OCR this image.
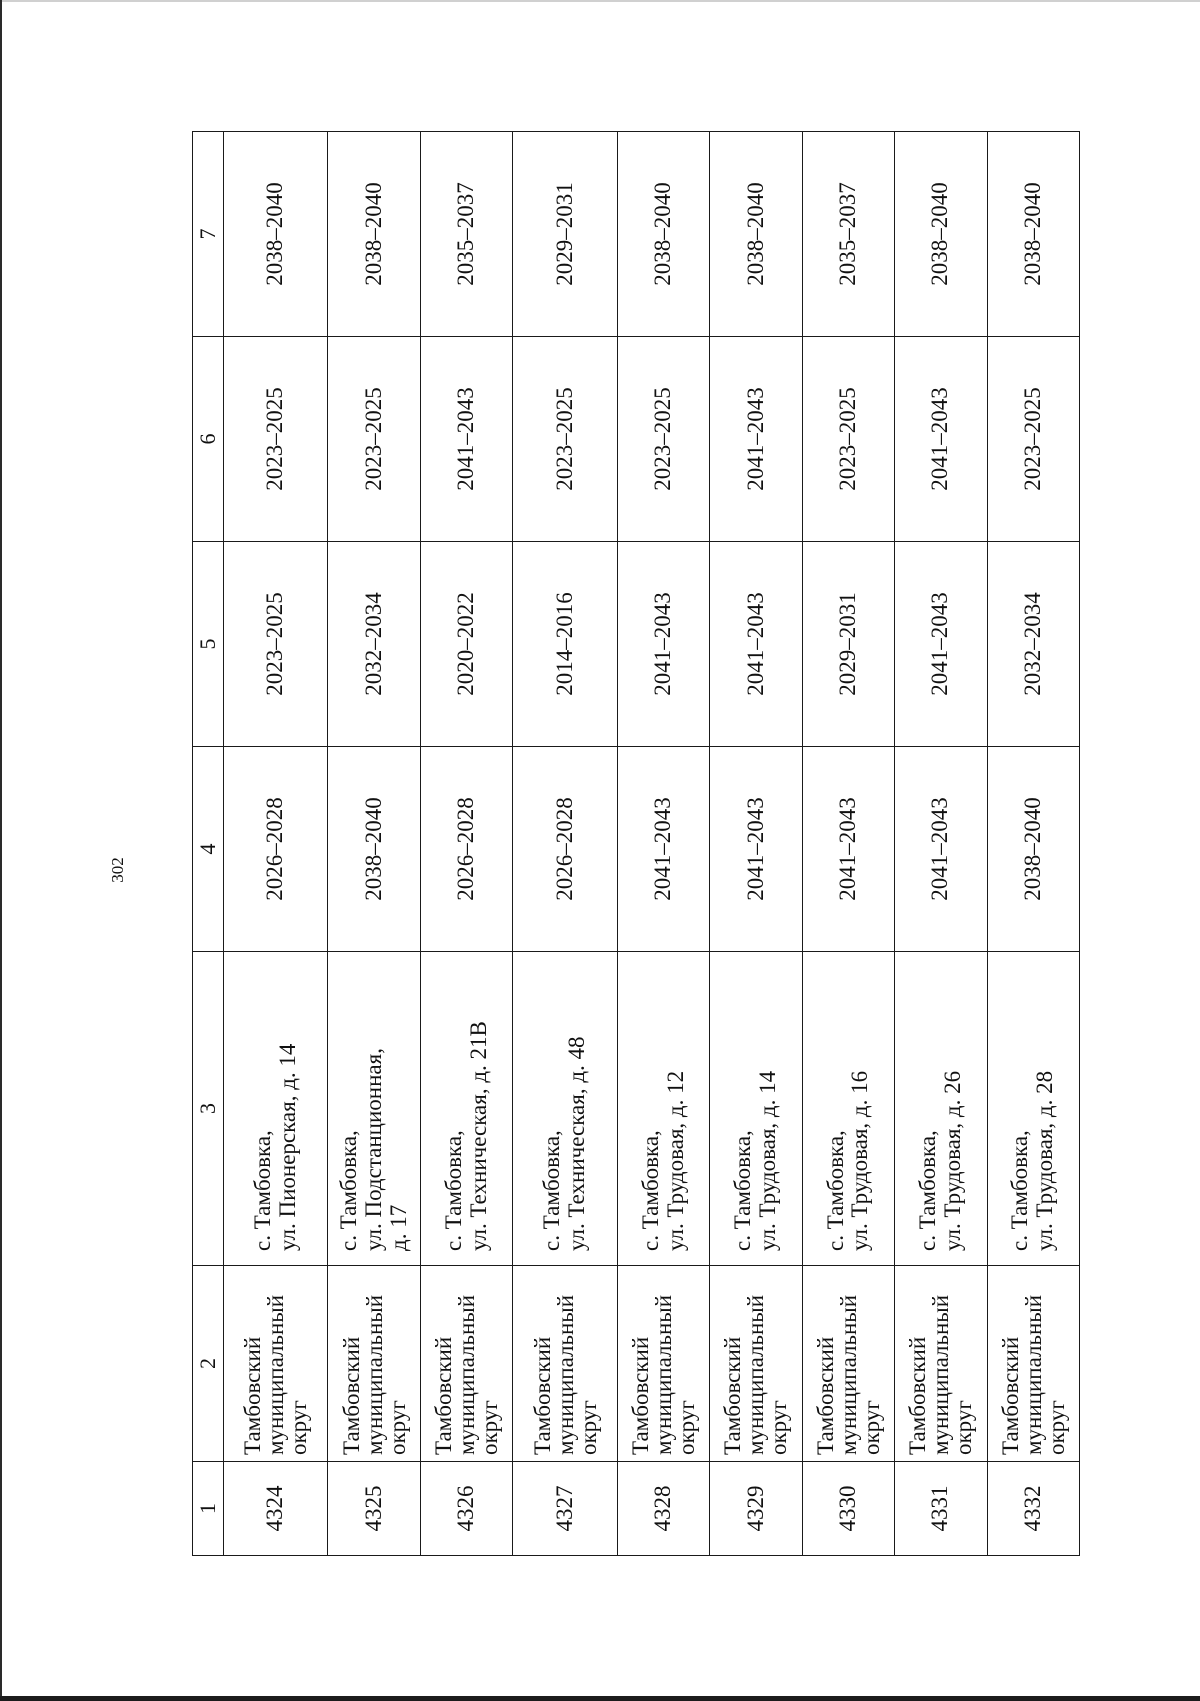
302
1	2	3	4	5	6	7
4324	Тамбовский муниципальный округ	с. Тамбовка, ул. Пионерская, д. 14	2026–2028	2023–2025	2023–2025	2038–2040
4325	Тамбовский муниципальный округ	с. Тамбовка, ул. Подстанционная, д. 17	2038–2040	2032–2034	2023–2025	2038–2040
4326	Тамбовский муниципальный округ	с. Тамбовка, ул. Техническая, д. 21В	2026–2028	2020–2022	2041–2043	2035–2037
4327	Тамбовский муниципальный округ	с. Тамбовка, ул. Техническая, д. 48	2026–2028	2014–2016	2023–2025	2029–2031
4328	Тамбовский муниципальный округ	с. Тамбовка, ул. Трудовая, д. 12	2041–2043	2041–2043	2023–2025	2038–2040
4329	Тамбовский муниципальный округ	с. Тамбовка, ул. Трудовая, д. 14	2041–2043	2041–2043	2041–2043	2038–2040
4330	Тамбовский муниципальный округ	с. Тамбовка, ул. Трудовая, д. 16	2041–2043	2029–2031	2023–2025	2035–2037
4331	Тамбовский муниципальный округ	с. Тамбовка, ул. Трудовая, д. 26	2041–2043	2041–2043	2041–2043	2038–2040
4332	Тамбовский муниципальный округ	с. Тамбовка, ул. Трудовая, д. 28	2038–2040	2032–2034	2023–2025	2038–2040
